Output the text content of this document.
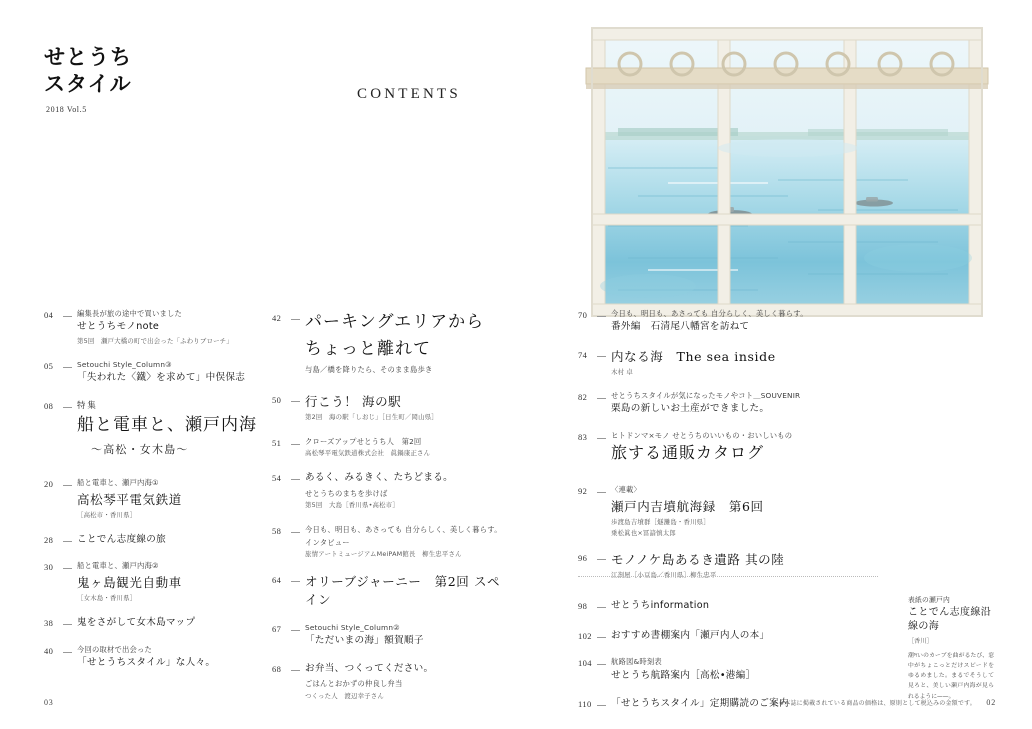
せとうち
スタイル
2018 Vol.5
CONTENTS
04	編集長が旅の途中で買いました
せとうちモノnote
第5回　瀬戸大橋の町で出会った「ふわりブローチ」
05	Setouchi Style_Column③
「失われた〈鐵〉を求めて」中俣保志
08	特集
船と電車と、瀬戸内海
〜高松・女木島〜
20	船と電車と、瀬戸内海①
高松琴平電気鉄道
［高松市・香川県］
28 ことでん志度線の旅
30	船と電車と、瀬戸内海②
鬼ヶ島観光自動車
［女木島・香川県］
38 鬼をさがして女木島マップ
40	今回の取材で出会った
「せとうちスタイル」な人々。
42 パーキングエリアから
ちょっと離れて
与島／橋を降りたら、そのまま島歩き
50 行こう！ 海の駅
第2回　海の駅「しおじ」［日生町／岡山県］
51	クローズアップせとうち人　第2回
高松琴平電気鉄道株式会社　眞鍋康正さん
54 あるく、みるきく、たちどまる。
せとうちのまちを歩けば
第5回　大島［香川県•高松市］
58	今日も、明日も、あさっても 自分らしく、美しく暮らす。
インタビュー
旅情アートミュージアムMeiPAM館長　柳生忠平さん
64 オリーブジャーニー　第2回 スペイン
67	Setouchi Style_Column②
「ただいまの海」額賀順子
68 お弁当、つくってください。
ごはんとおかずの仲良し弁当
つくった人　渡辺幸子さん
70	今日も、明日も、あさっても 自分らしく、美しく暮らす。
番外編　石清尾八幡宮を訪ねて
74 内なる海　The sea inside
木村 卓
82	せとうちスタイルが気になったモノやコト＿SOUVENIR
栗島の新しいお土産ができました。
83	ヒトドンマ×モノ せとうちのいいもの・おいしいもの
旅する通販カタログ
92	〈連載〉
瀬戸内吉墳航海録　第6回
歩渡島吉墳群［燧灘島・香川県］
乗松眞也×冨諳慎太郎
96 モノノケ島あるき遺路 其の陸
江剳屋［小豆島／香川県］柳生忠平
98 せとうちinformation
102 おすすめ書棚案内「瀬戸内人の本」
104	航路図&時刻表
せとうち航路案内［高松•港編］
110 「せとうちスタイル」定期購読のご案内
表紙の瀬戸内
ことでん志度線沿線の海
［香川］
潮দいのカーブを曲がるたび、窓中がちょこっとだけスピードをゆるめました。まるでそうして見ろと、美しい瀬戸内海が見られるように——。
03	※本誌に掲載されている商品の価格は、原則として税込みの金額です。 02
